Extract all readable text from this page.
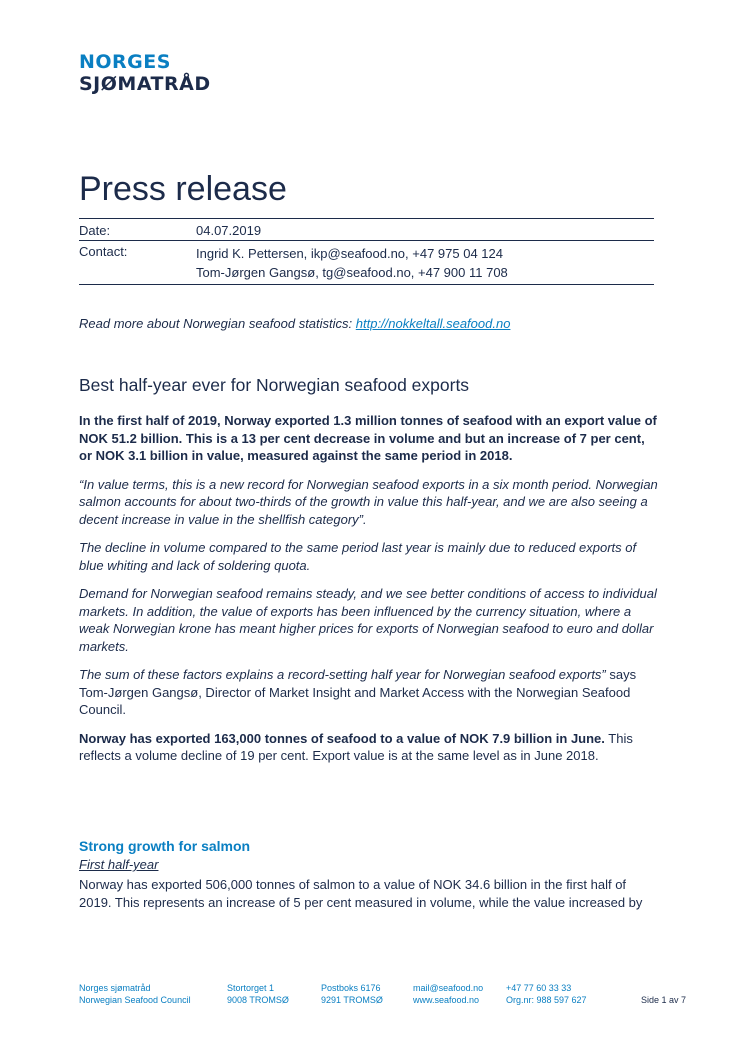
NORGES
SJØMATRÅD
Press release
Date:	04.07.2019
Contact:	Ingrid K. Pettersen, ikp@seafood.no, +47 975 04 124
Tom-Jørgen Gangsø, tg@seafood.no, +47 900 11 708
Read more about Norwegian seafood statistics: http://nokkeltall.seafood.no
Best half-year ever for Norwegian seafood exports

In the first half of 2019, Norway exported 1.3 million tonnes of seafood with an export value of NOK 51.2 billion. This is a 13 per cent decrease in volume and but an increase of 7 per cent, or NOK 3.1 billion in value, measured against the same period in 2018.

“In value terms, this is a new record for Norwegian seafood exports in a six month period. Norwegian salmon accounts for about two-thirds of the growth in value this half-year, and we are also seeing a decent increase in value in the shellfish category”.

The decline in volume compared to the same period last year is mainly due to reduced exports of blue whiting and lack of soldering quota.

Demand for Norwegian seafood remains steady, and we see better conditions of access to individual markets. In addition, the value of exports has been influenced by the currency situation, where a weak Norwegian krone has meant higher prices for exports of Norwegian seafood to euro and dollar markets.

The sum of these factors explains a record-setting half year for Norwegian seafood exports” says Tom-Jørgen Gangsø, Director of Market Insight and Market Access with the Norwegian Seafood Council.

Norway has exported 163,000 tonnes of seafood to a value of NOK 7.9 billion in June. This reflects a volume decline of 19 per cent. Export value is at the same level as in June 2018.

Strong growth for salmon
First half-year
Norway has exported 506,000 tonnes of salmon to a value of NOK 34.6 billion in the first half of 2019. This represents an increase of 5 per cent measured in volume, while the value increased by
Norges sjømatråd
Norwegian Seafood Council
Stortorget 1
9008 TROMSØ
Postboks 6176
9291 TROMSØ
mail@seafood.no
www.seafood.no
+47 77 60 33 33
Org.nr: 988 597 627	Side 1 av 7
